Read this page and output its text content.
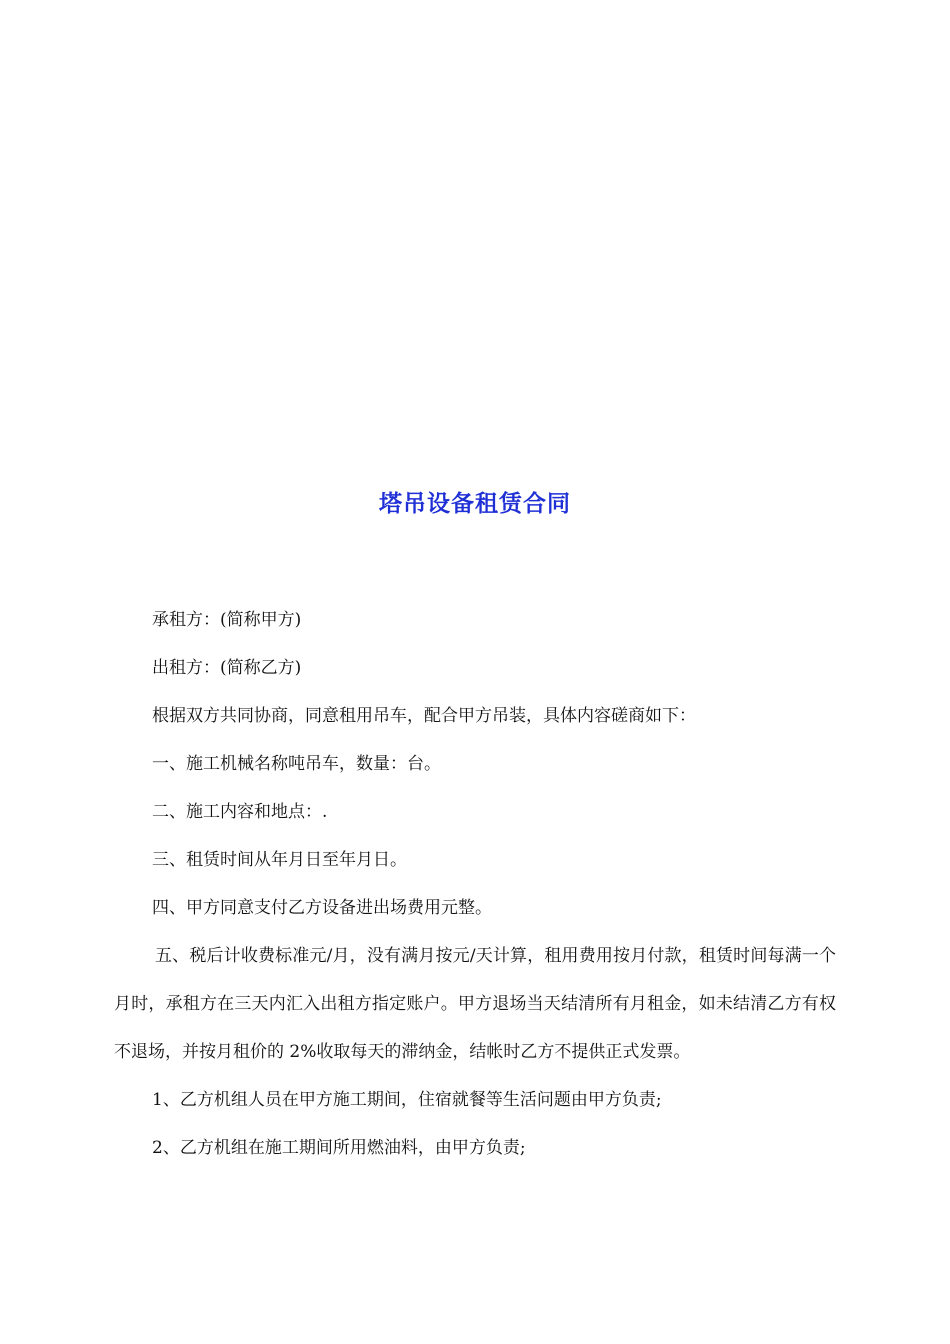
塔吊设备租赁合同

承租方：(简称甲方)

出租方：(简称乙方)

根据双方共同协商，同意租用吊车，配合甲方吊装，具体内容磋商如下：

一、施工机械名称吨吊车，数量：台。

二、施工内容和地点：.

三、租赁时间从年月日至年月日。

四、甲方同意支付乙方设备进出场费用元整。

五、税后计收费标准元/月，没有满月按元/天计算，租用费用按月付款，租赁时间每满一个月时，承租方在三天内汇入出租方指定账户。甲方退场当天结清所有月租金，如未结清乙方有权不退场，并按月租价的 2%收取每天的滞纳金，结帐时乙方不提供正式发票。

1、乙方机组人员在甲方施工期间，住宿就餐等生活问题由甲方负责;

2、乙方机组在施工期间所用燃油料，由甲方负责;
